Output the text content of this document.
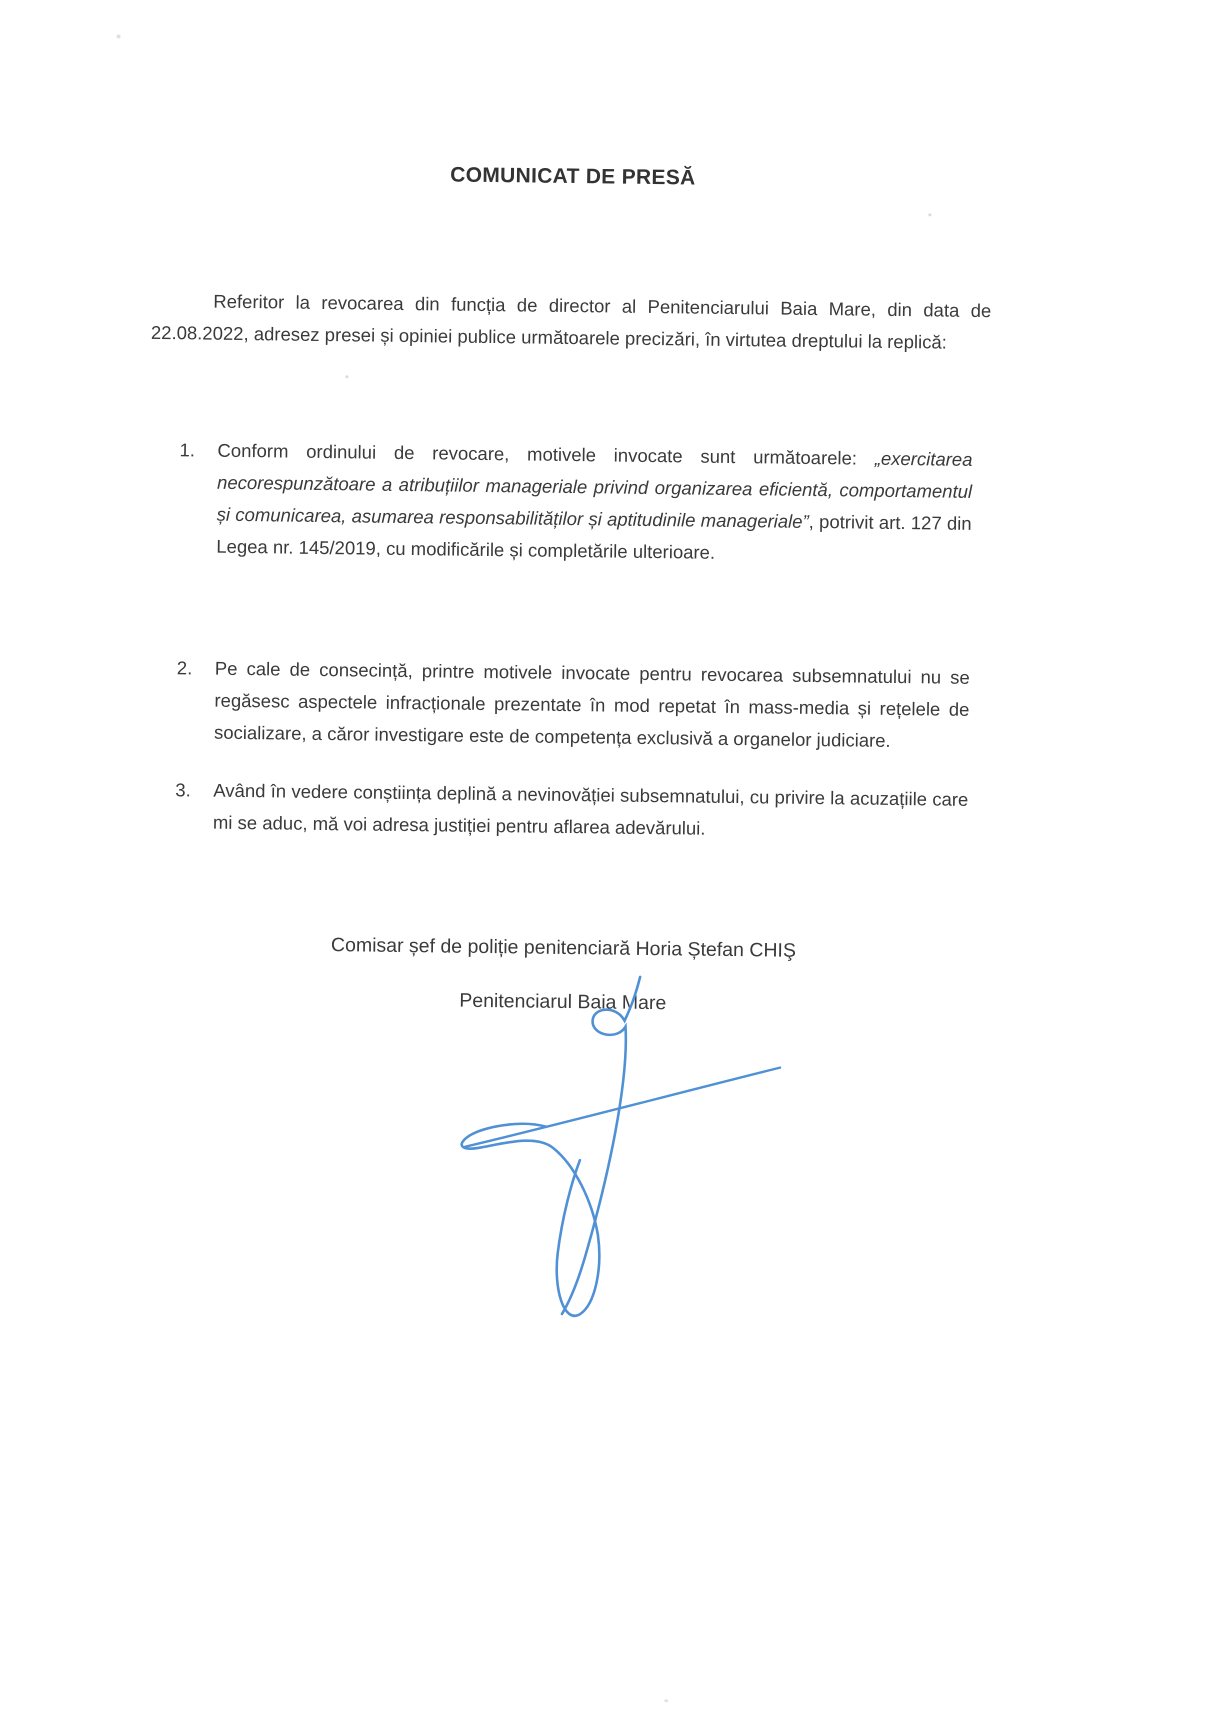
COMUNICAT DE PRESĂ
Referitor la revocarea din funcția de director al Penitenciarului Baia Mare, din data de 22.08.2022, adresez presei și opiniei publice următoarele precizări, în virtutea dreptului la replică:
1.	Conform ordinului de revocare, motivele invocate sunt următoarele: „exercitarea necorespunzătoare a atribuțiilor manageriale privind organizarea eficientă, comportamentul și comunicarea, asumarea responsabilităților și aptitudinile manageriale”, potrivit art. 127 din Legea nr. 145/2019, cu modificările și completările ulterioare.
2.	Pe cale de consecință, printre motivele invocate pentru revocarea subsemnatului nu se regăsesc aspectele infracționale prezentate în mod repetat în mass-media și rețelele de socializare, a căror investigare este de competența exclusivă a organelor judiciare.
3.	Având în vedere conștiința deplină a nevinovăției subsemnatului, cu privire la acuzațiile care mi se aduc, mă voi adresa justiției pentru aflarea adevărului.
Comisar șef de poliție penitenciară Horia Ștefan CHIŞ
Penitenciarul Baia Mare
